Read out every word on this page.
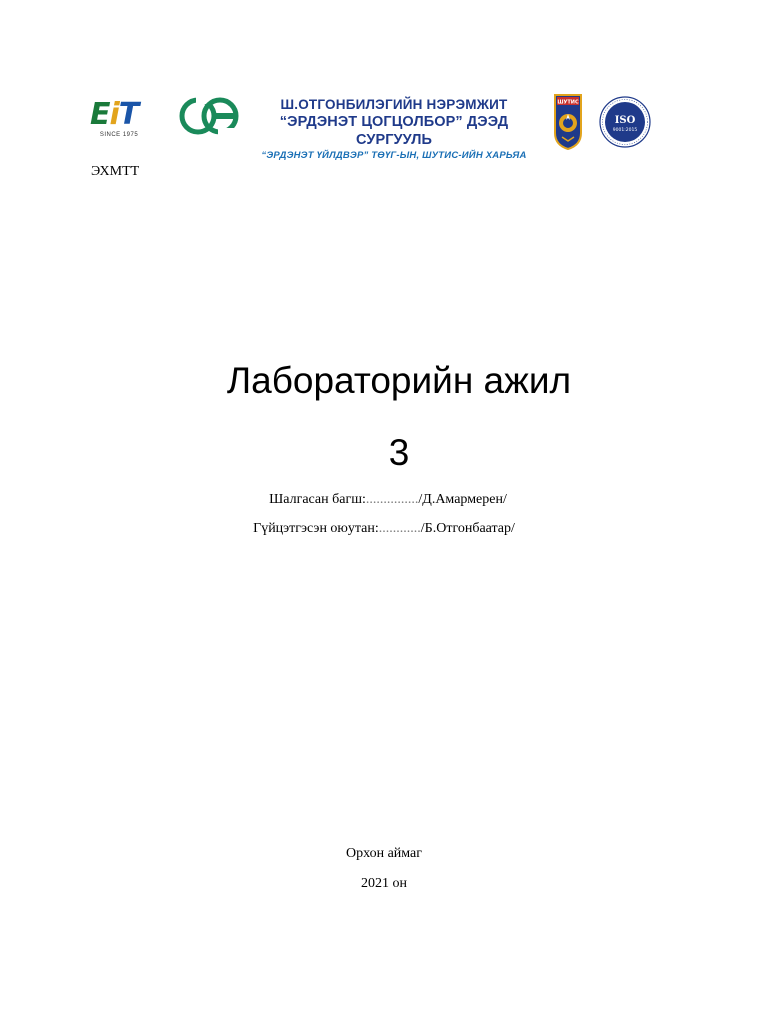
EiT
SINCE 1975
Ш.ОТГОНБИЛЭГИЙН НЭРЭМЖИТ
“ЭРДЭНЭТ ЦОГЦОЛБОР” ДЭЭД СУРГУУЛЬ
“ЭРДЭНЭТ ҮЙЛДВЭР” ТӨҮГ-ЫН, ШУТИС-ИЙН ХАРЬЯА
ШУТИС
ISO
9001:2015
ЭХМТТ
Лабораторийн ажил
3
Шалгасан багш:.............../Д.Амармерен/
Гүйцэтгэсэн оюутан:............/Б.Отгонбаатар/
Орхон аймаг
2021 он
